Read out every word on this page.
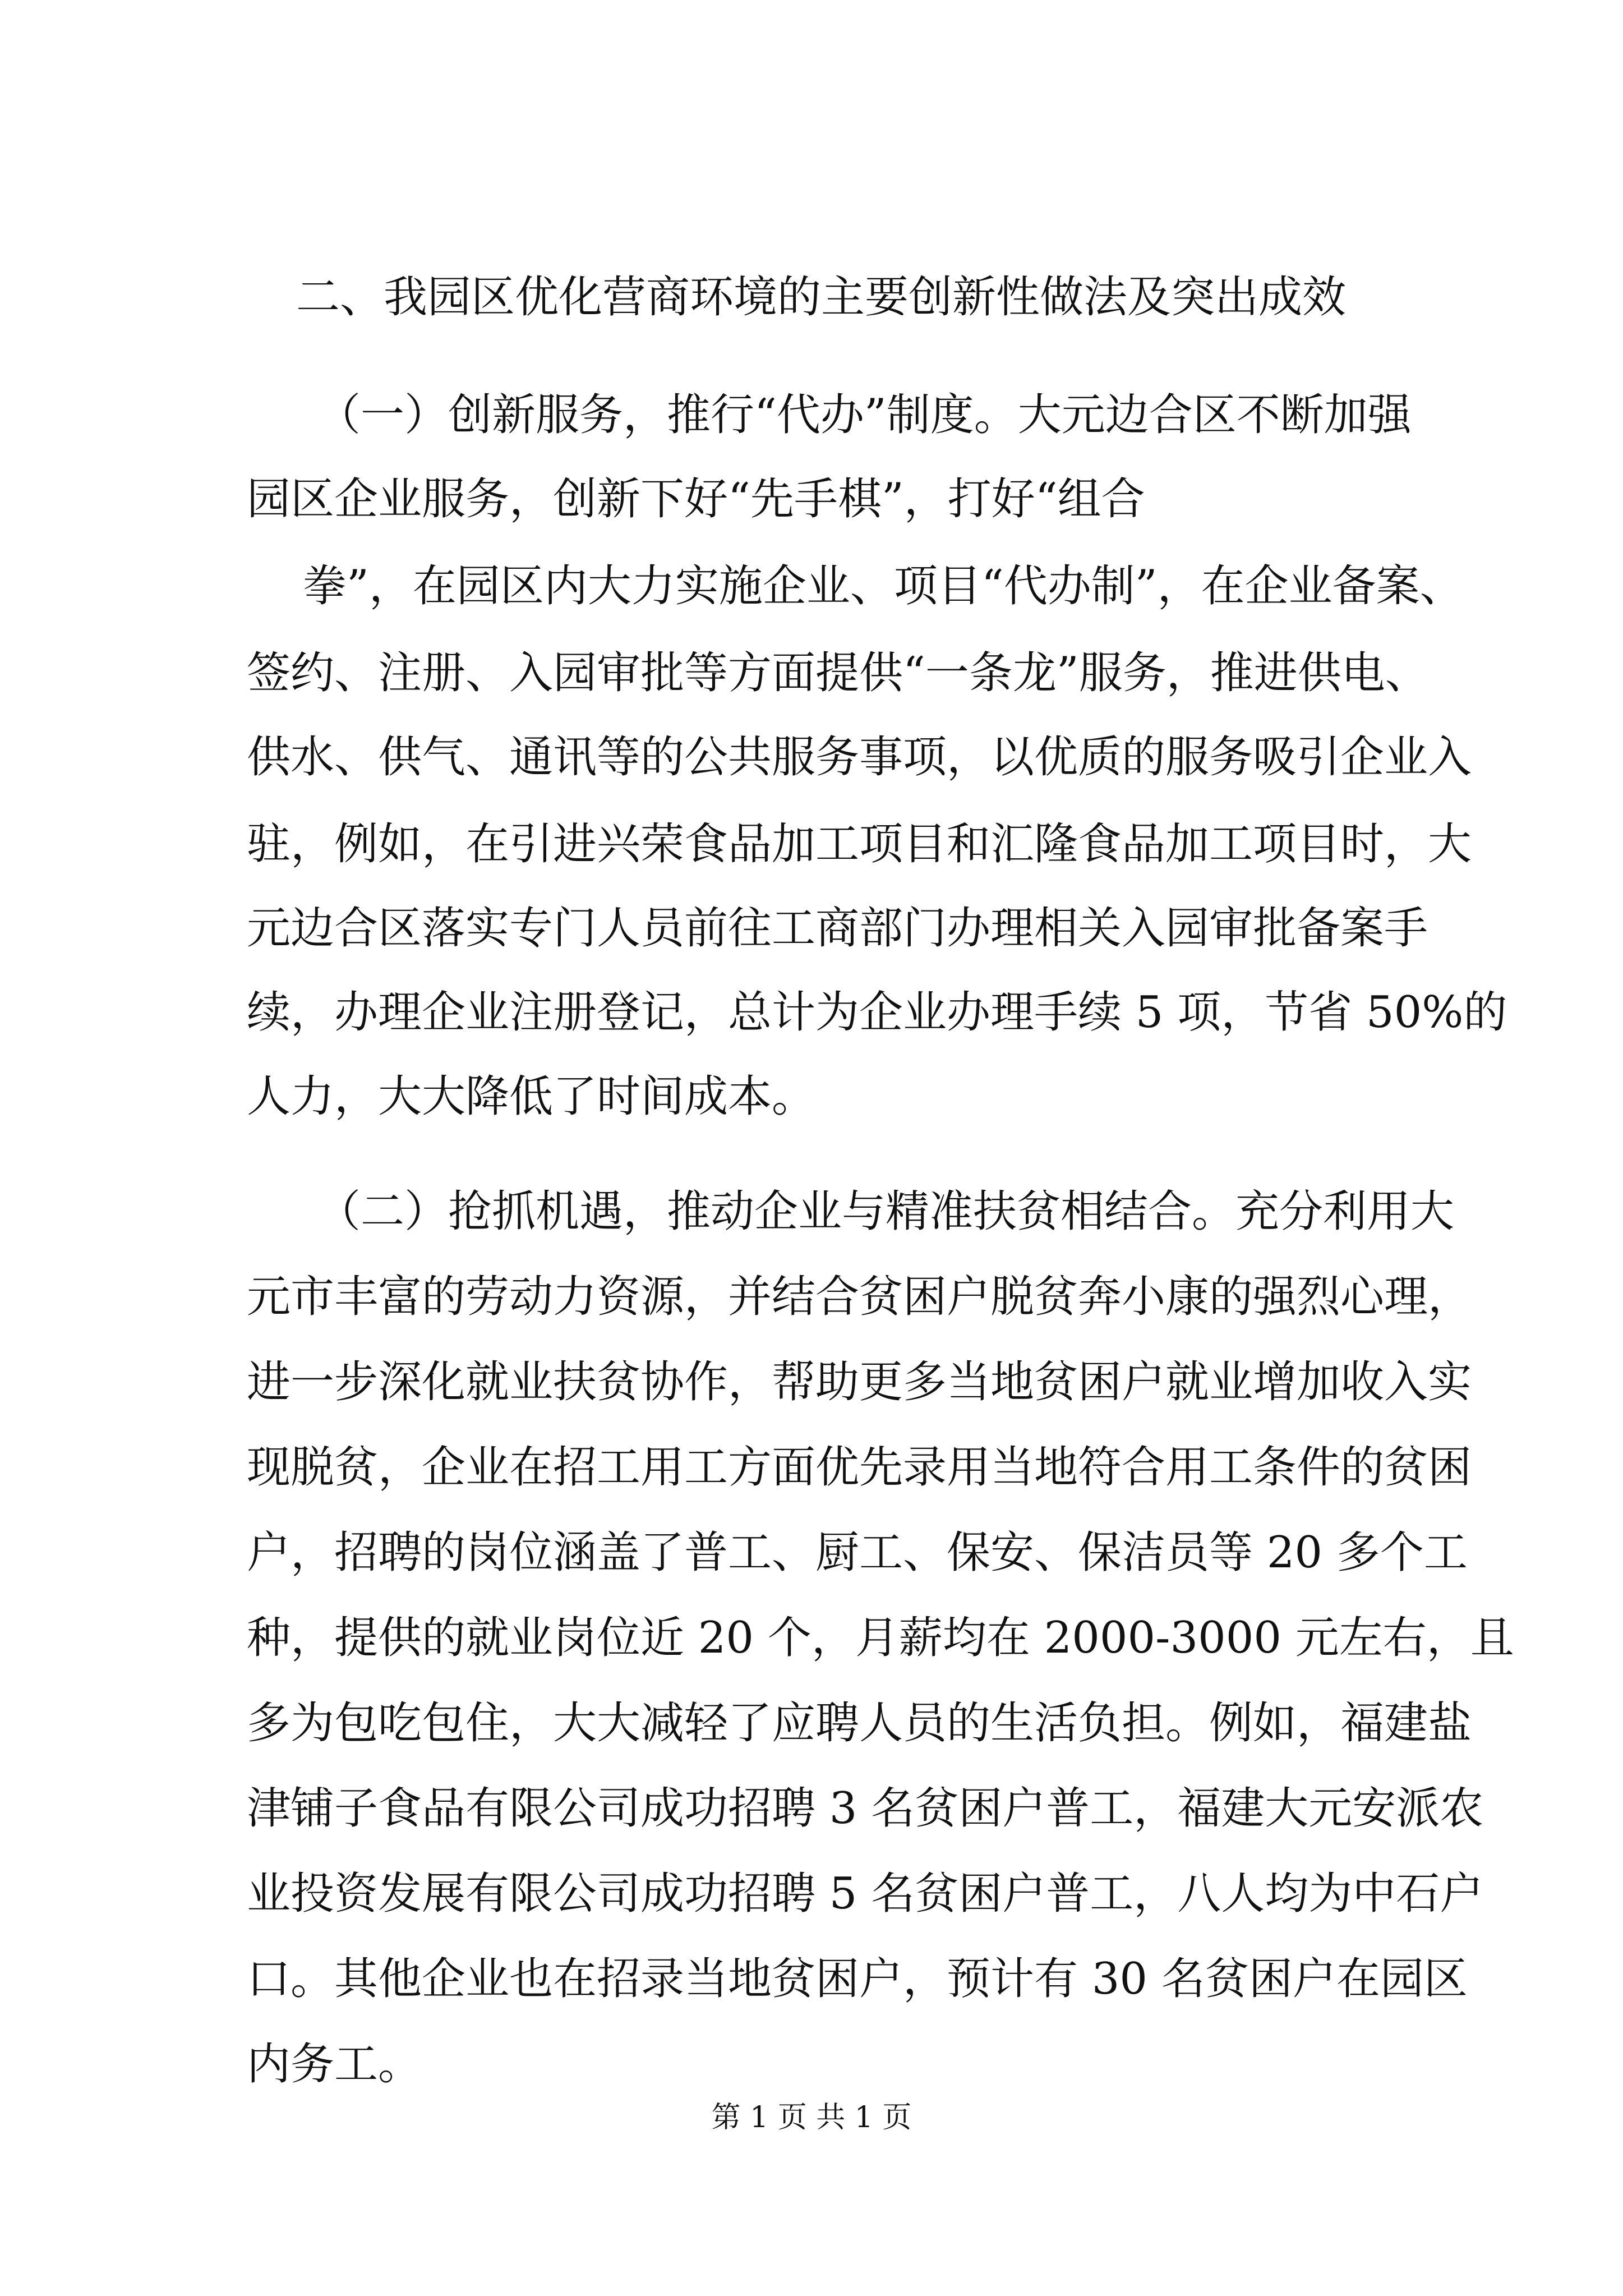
二、我园区优化营商环境的主要创新性做法及突出成效
（一）创新服务，推行“代办”制度。大元边合区不断加强
园区企业服务，创新下好“先手棋”，打好“组合
拳”，在园区内大力实施企业、项目“代办制”，在企业备案、
签约、注册、入园审批等方面提供“一条龙”服务，推进供电、
供水、供气、通讯等的公共服务事项，以优质的服务吸引企业入
驻，例如，在引进兴荣食品加工项目和汇隆食品加工项目时，大
元边合区落实专门人员前往工商部门办理相关入园审批备案手
续，办理企业注册登记，总计为企业办理手续 5 项，节省 50%的
人力，大大降低了时间成本。
（二）抢抓机遇，推动企业与精准扶贫相结合。充分利用大
元市丰富的劳动力资源，并结合贫困户脱贫奔小康的强烈心理，
进一步深化就业扶贫协作，帮助更多当地贫困户就业增加收入实
现脱贫，企业在招工用工方面优先录用当地符合用工条件的贫困
户，招聘的岗位涵盖了普工、厨工、保安、保洁员等 20 多个工
种，提供的就业岗位近 20 个，月薪均在 2000-3000 元左右，且
多为包吃包住，大大减轻了应聘人员的生活负担。例如，福建盐
津铺子食品有限公司成功招聘 3 名贫困户普工，福建大元安派农
业投资发展有限公司成功招聘 5 名贫困户普工，八人均为中石户
口。其他企业也在招录当地贫困户，预计有 30 名贫困户在园区
内务工。
第 1 页 共 1 页
